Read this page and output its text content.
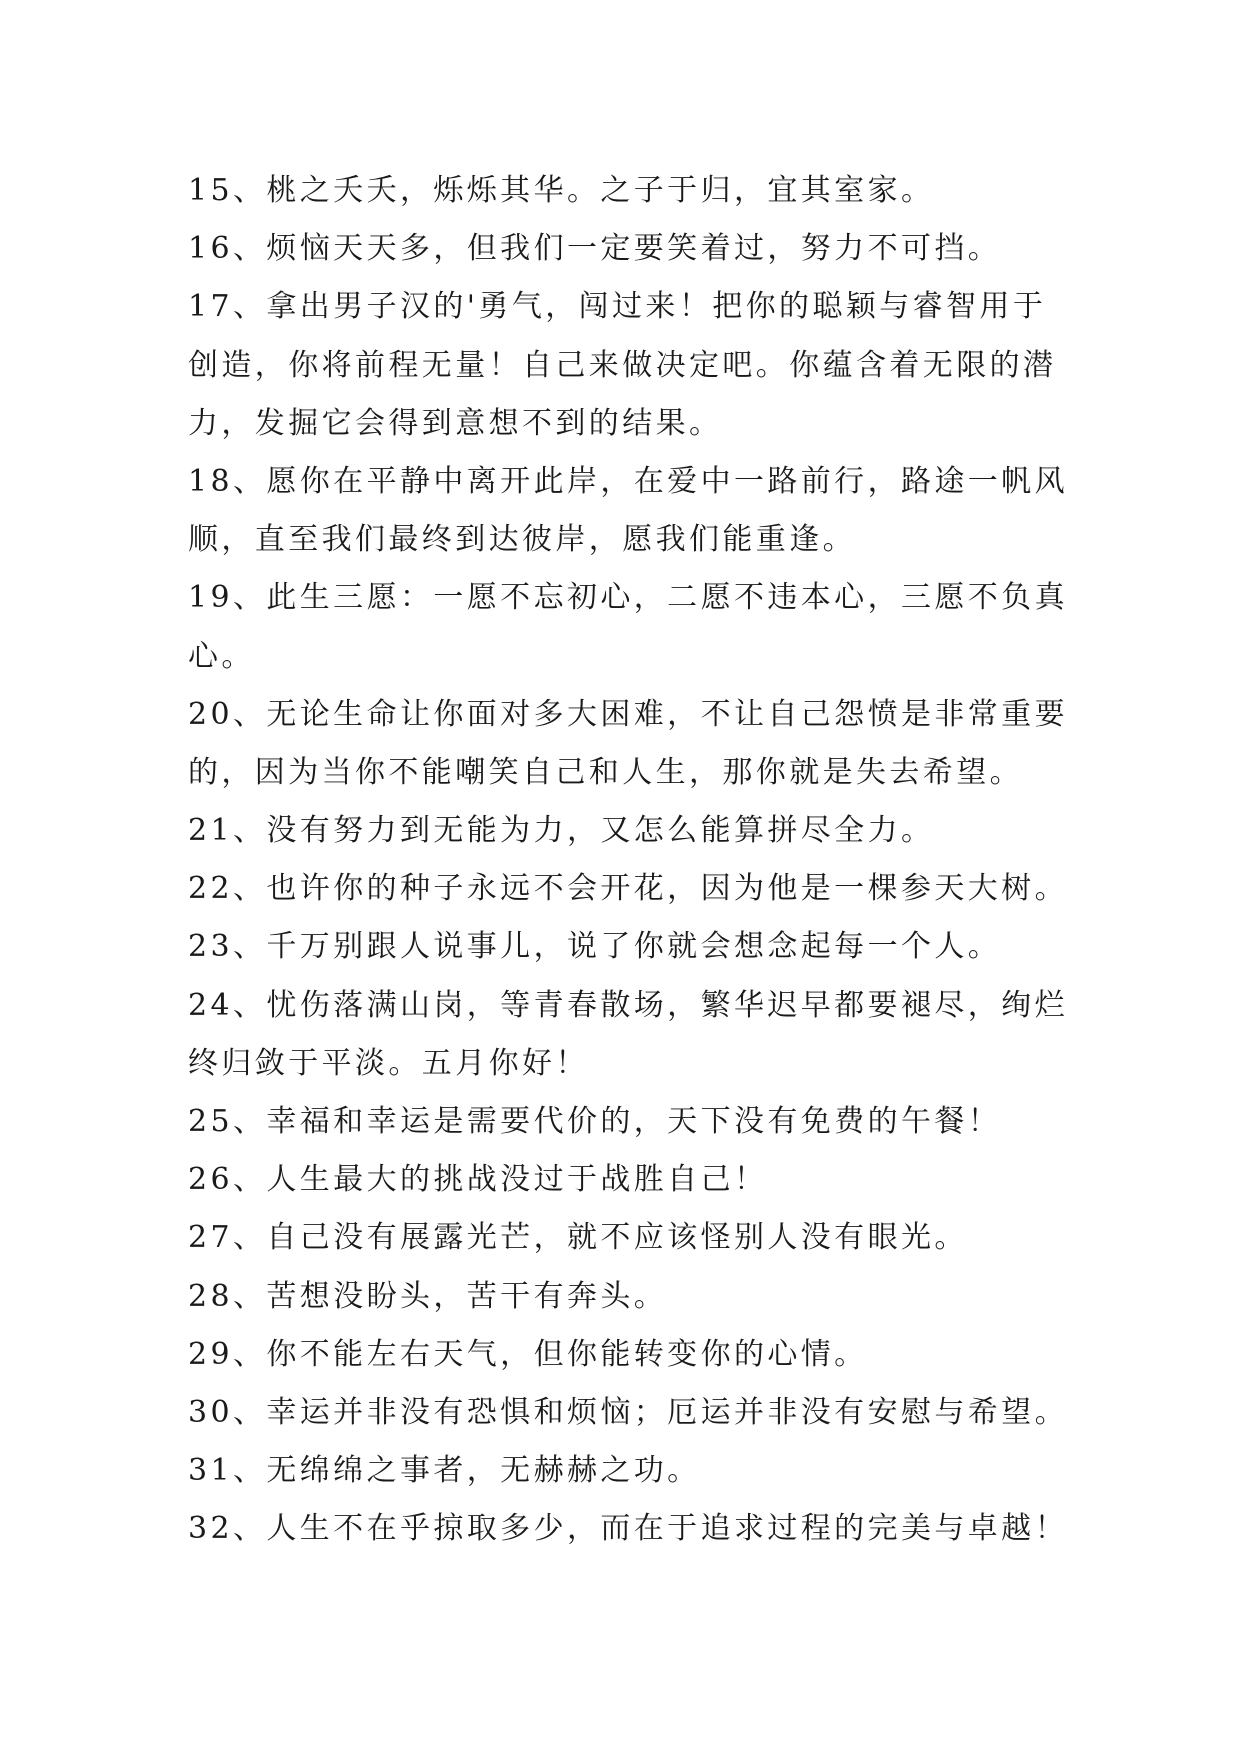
15、桃之夭夭，烁烁其华。之子于归，宜其室家。
16、烦恼天天多，但我们一定要笑着过，努力不可挡。
17、拿出男子汉的'勇气，闯过来！把你的聪颖与睿智用于
创造，你将前程无量！自己来做决定吧。你蕴含着无限的潜
力，发掘它会得到意想不到的结果。
18、愿你在平静中离开此岸，在爱中一路前行，路途一帆风
顺，直至我们最终到达彼岸，愿我们能重逢。
19、此生三愿：一愿不忘初心，二愿不违本心，三愿不负真
心。
20、无论生命让你面对多大困难，不让自己怨愤是非常重要
的，因为当你不能嘲笑自己和人生，那你就是失去希望。
21、没有努力到无能为力，又怎么能算拼尽全力。
22、也许你的种子永远不会开花，因为他是一棵参天大树。
23、千万别跟人说事儿，说了你就会想念起每一个人。
24、忧伤落满山岗，等青春散场，繁华迟早都要褪尽，绚烂
终归敛于平淡。五月你好！
25、幸福和幸运是需要代价的，天下没有免费的午餐！
26、人生最大的挑战没过于战胜自己！
27、自己没有展露光芒，就不应该怪别人没有眼光。
28、苦想没盼头，苦干有奔头。
29、你不能左右天气，但你能转变你的心情。
30、幸运并非没有恐惧和烦恼；厄运并非没有安慰与希望。
31、无绵绵之事者，无赫赫之功。
32、人生不在乎掠取多少，而在于追求过程的完美与卓越！
